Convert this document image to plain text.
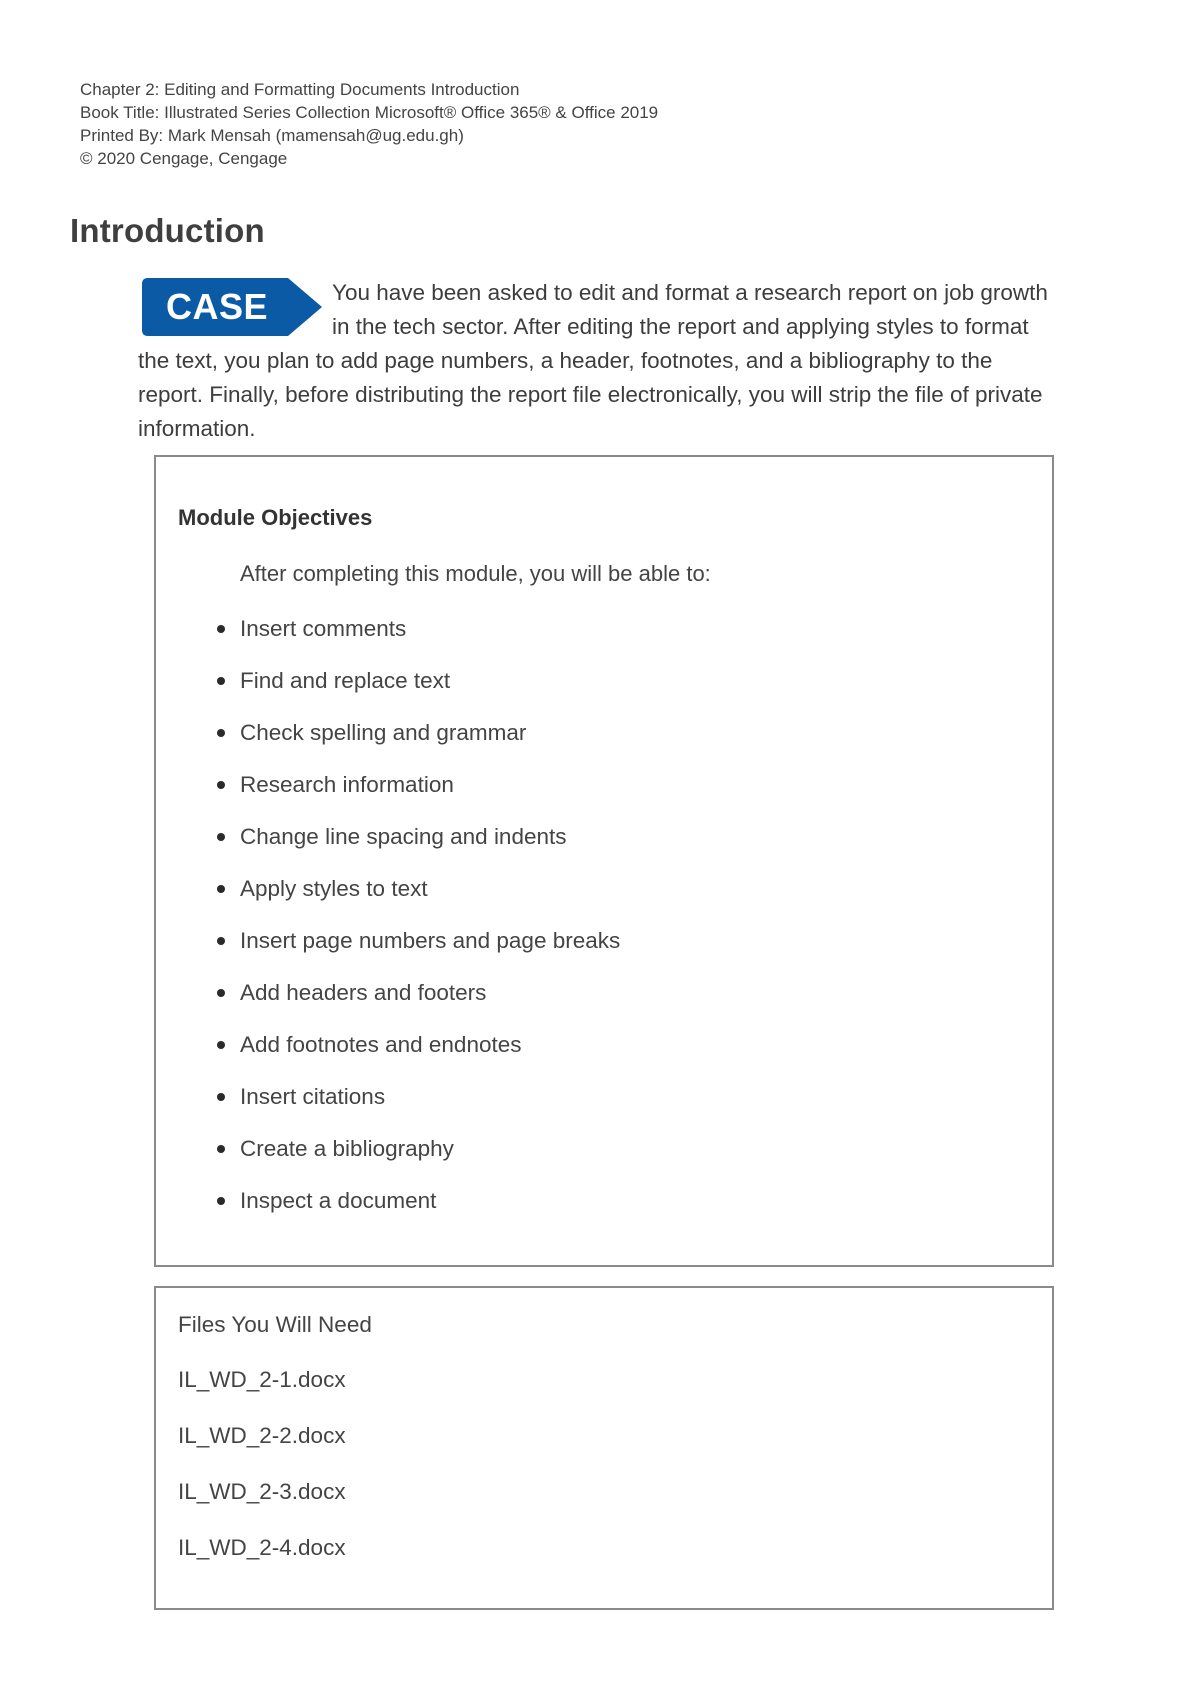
Chapter 2: Editing and Formatting Documents Introduction
Book Title: Illustrated Series Collection Microsoft® Office 365® & Office 2019
Printed By: Mark Mensah (mamensah@ug.edu.gh)
© 2020 Cengage, Cengage
Introduction
CASE	You have been asked to edit and format a research report on job growth in the tech sector. After editing the report and applying styles to format the text, you plan to add page numbers, a header, footnotes, and a bibliography to the report. Finally, before distributing the report file electronically, you will strip the file of private information.
Module Objectives
After completing this module, you will be able to:
Insert comments
Find and replace text
Check spelling and grammar
Research information
Change line spacing and indents
Apply styles to text
Insert page numbers and page breaks
Add headers and footers
Add footnotes and endnotes
Insert citations
Create a bibliography
Inspect a document
Files You Will Need
IL_WD_2-1.docx
IL_WD_2-2.docx
IL_WD_2-3.docx
IL_WD_2-4.docx
